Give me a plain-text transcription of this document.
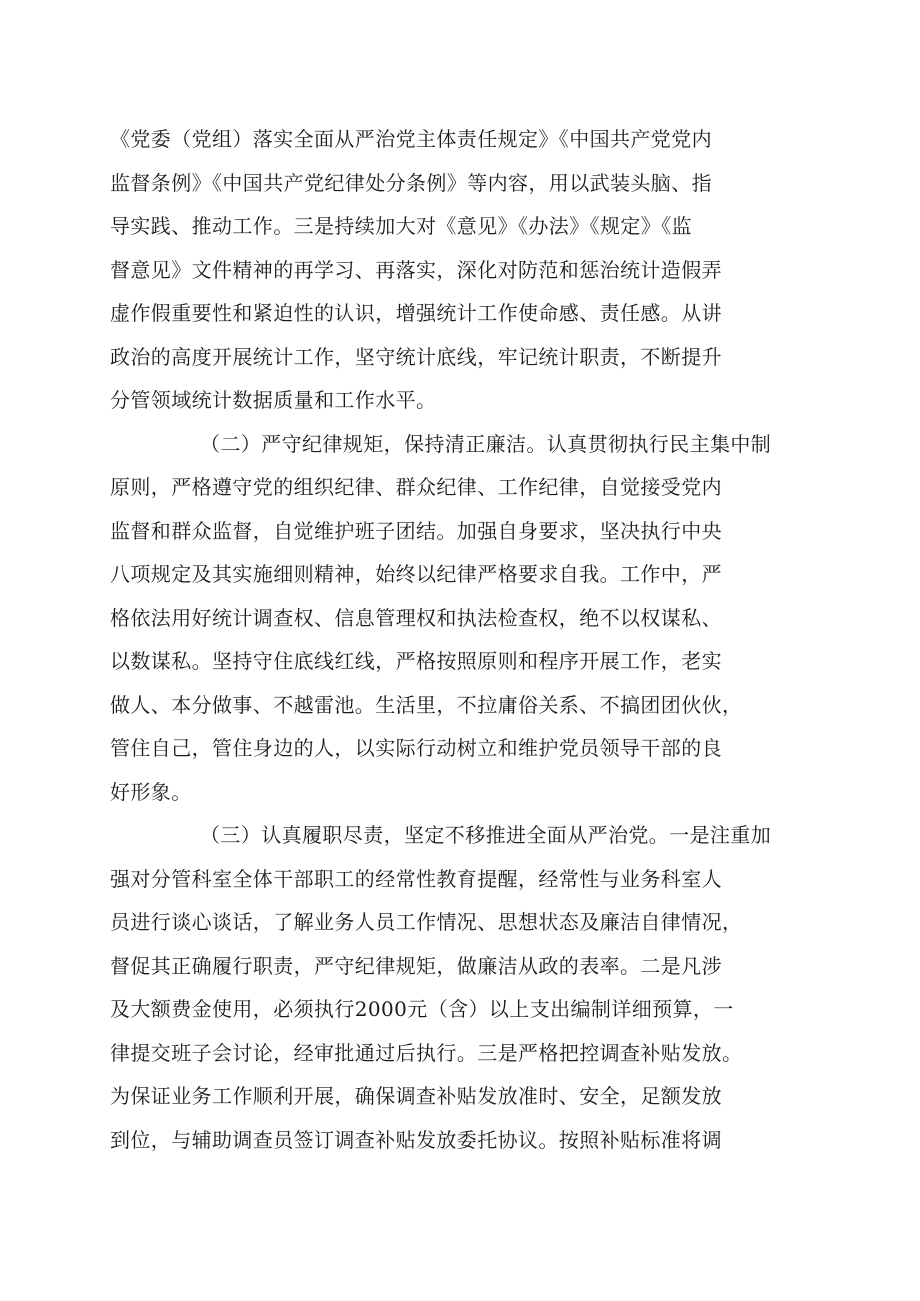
《党委（党组）落实全面从严治党主体责任规定》《中国共产党党内
监督条例》《中国共产党纪律处分条例》等内容，用以武装头脑、指
导实践、推动工作。三是持续加大对《意见》《办法》《规定》《监
督意见》文件精神的再学习、再落实，深化对防范和惩治统计造假弄
虚作假重要性和紧迫性的认识，增强统计工作使命感、责任感。从讲
政治的高度开展统计工作，坚守统计底线，牢记统计职责，不断提升
分管领域统计数据质量和工作水平。
（二）严守纪律规矩，保持清正廉洁。认真贯彻执行民主集中制
原则，严格遵守党的组织纪律、群众纪律、工作纪律，自觉接受党内
监督和群众监督，自觉维护班子团结。加强自身要求，坚决执行中央
八项规定及其实施细则精神，始终以纪律严格要求自我。工作中，严
格依法用好统计调查权、信息管理权和执法检查权，绝不以权谋私、
以数谋私。坚持守住底线红线，严格按照原则和程序开展工作，老实
做人、本分做事、不越雷池。生活里，不拉庸俗关系、不搞团团伙伙，
管住自己，管住身边的人，以实际行动树立和维护党员领导干部的良
好形象。
（三）认真履职尽责，坚定不移推进全面从严治党。一是注重加
强对分管科室全体干部职工的经常性教育提醒，经常性与业务科室人
员进行谈心谈话，了解业务人员工作情况、思想状态及廉洁自律情况，
督促其正确履行职责，严守纪律规矩，做廉洁从政的表率。二是凡涉
及大额费金使用，必须执行2000元（含）以上支出编制详细预算，一
律提交班子会讨论，经审批通过后执行。三是严格把控调查补贴发放。
为保证业务工作顺利开展，确保调查补贴发放准时、安全，足额发放
到位，与辅助调查员签订调查补贴发放委托协议。按照补贴标准将调
